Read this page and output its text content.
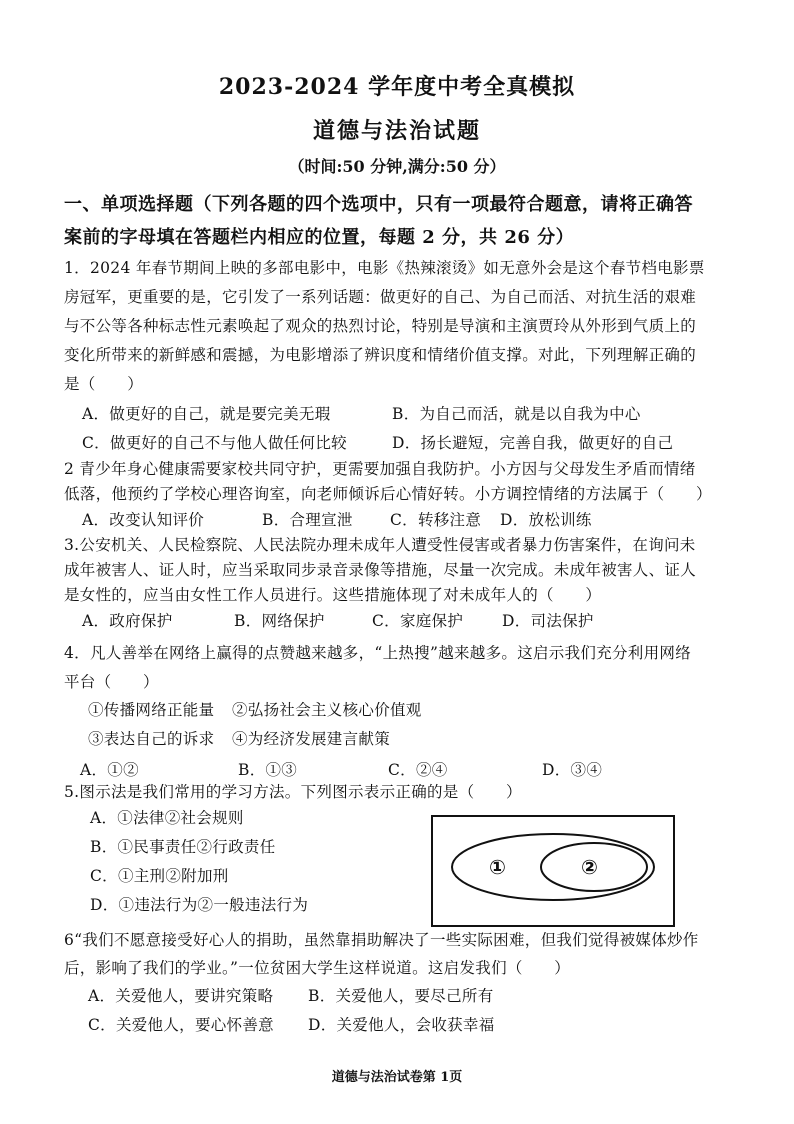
2023-2024 学年度中考全真模拟
道德与法治试题
（时间:50 分钟,满分:50 分）
一、单项选择题（下列各题的四个选项中，只有一项最符合题意，请将正确答
案前的字母填在答题栏内相应的位置，每题 2 分，共 26 分）
1．2024 年春节期间上映的多部电影中，电影《热辣滚烫》如无意外会是这个春节档电影票
房冠军，更重要的是，它引发了一系列话题：做更好的自己、为自己而活、对抗生活的艰难
与不公等各种标志性元素唤起了观众的热烈讨论，特别是导演和主演贾玲从外形到气质上的
变化所带来的新鲜感和震撼，为电影增添了辨识度和情绪价值支撑。对此，下列理解正确的
是（　　）
A．做更好的自己，就是要完美无瑕	B．为自己而活，就是以自我为中心
C．做更好的自己不与他人做任何比较	D．扬长避短，完善自我，做更好的自己
2 青少年身心健康需要家校共同守护，更需要加强自我防护。小方因与父母发生矛盾而情绪
低落，他预约了学校心理咨询室，向老师倾诉后心情好转。小方调控情绪的方法属于（　　）
A．改变认知评价	B．合理宣泄 C．转移注意 D．放松训练
3.公安机关、人民检察院、人民法院办理未成年人遭受性侵害或者暴力伤害案件，在询问未
成年被害人、证人时，应当采取同步录音录像等措施，尽量一次完成。未成年被害人、证人
是女性的，应当由女性工作人员进行。这些措施体现了对未成年人的（　　）
A．政府保护	B．网络保护	C．家庭保护	D．司法保护
4．凡人善举在网络上赢得的点赞越来越多，“上热搜”越来越多。这启示我们充分利用网络
平台（　　）
①传播网络正能量 ②弘扬社会主义核心价值观
③表达自己的诉求 ④为经济发展建言献策
A．①②	B．①③	C．②④	D．③④
5.图示法是我们常用的学习方法。下列图示表示正确的是（　　）
A．①法律②社会规则
B．①民事责任②行政责任
C．①主刑②附加刑
D．①违法行为②一般违法行为
①	②
6“我们不愿意接受好心人的捐助，虽然靠捐助解决了一些实际困难，但我们觉得被媒体炒作
后，影响了我们的学业。”一位贫困大学生这样说道。这启发我们（　　）
A．关爱他人，要讲究策略 B．关爱他人，要尽己所有
C．关爱他人，要心怀善意 D．关爱他人，会收获幸福
道德与法治试卷第 1页
